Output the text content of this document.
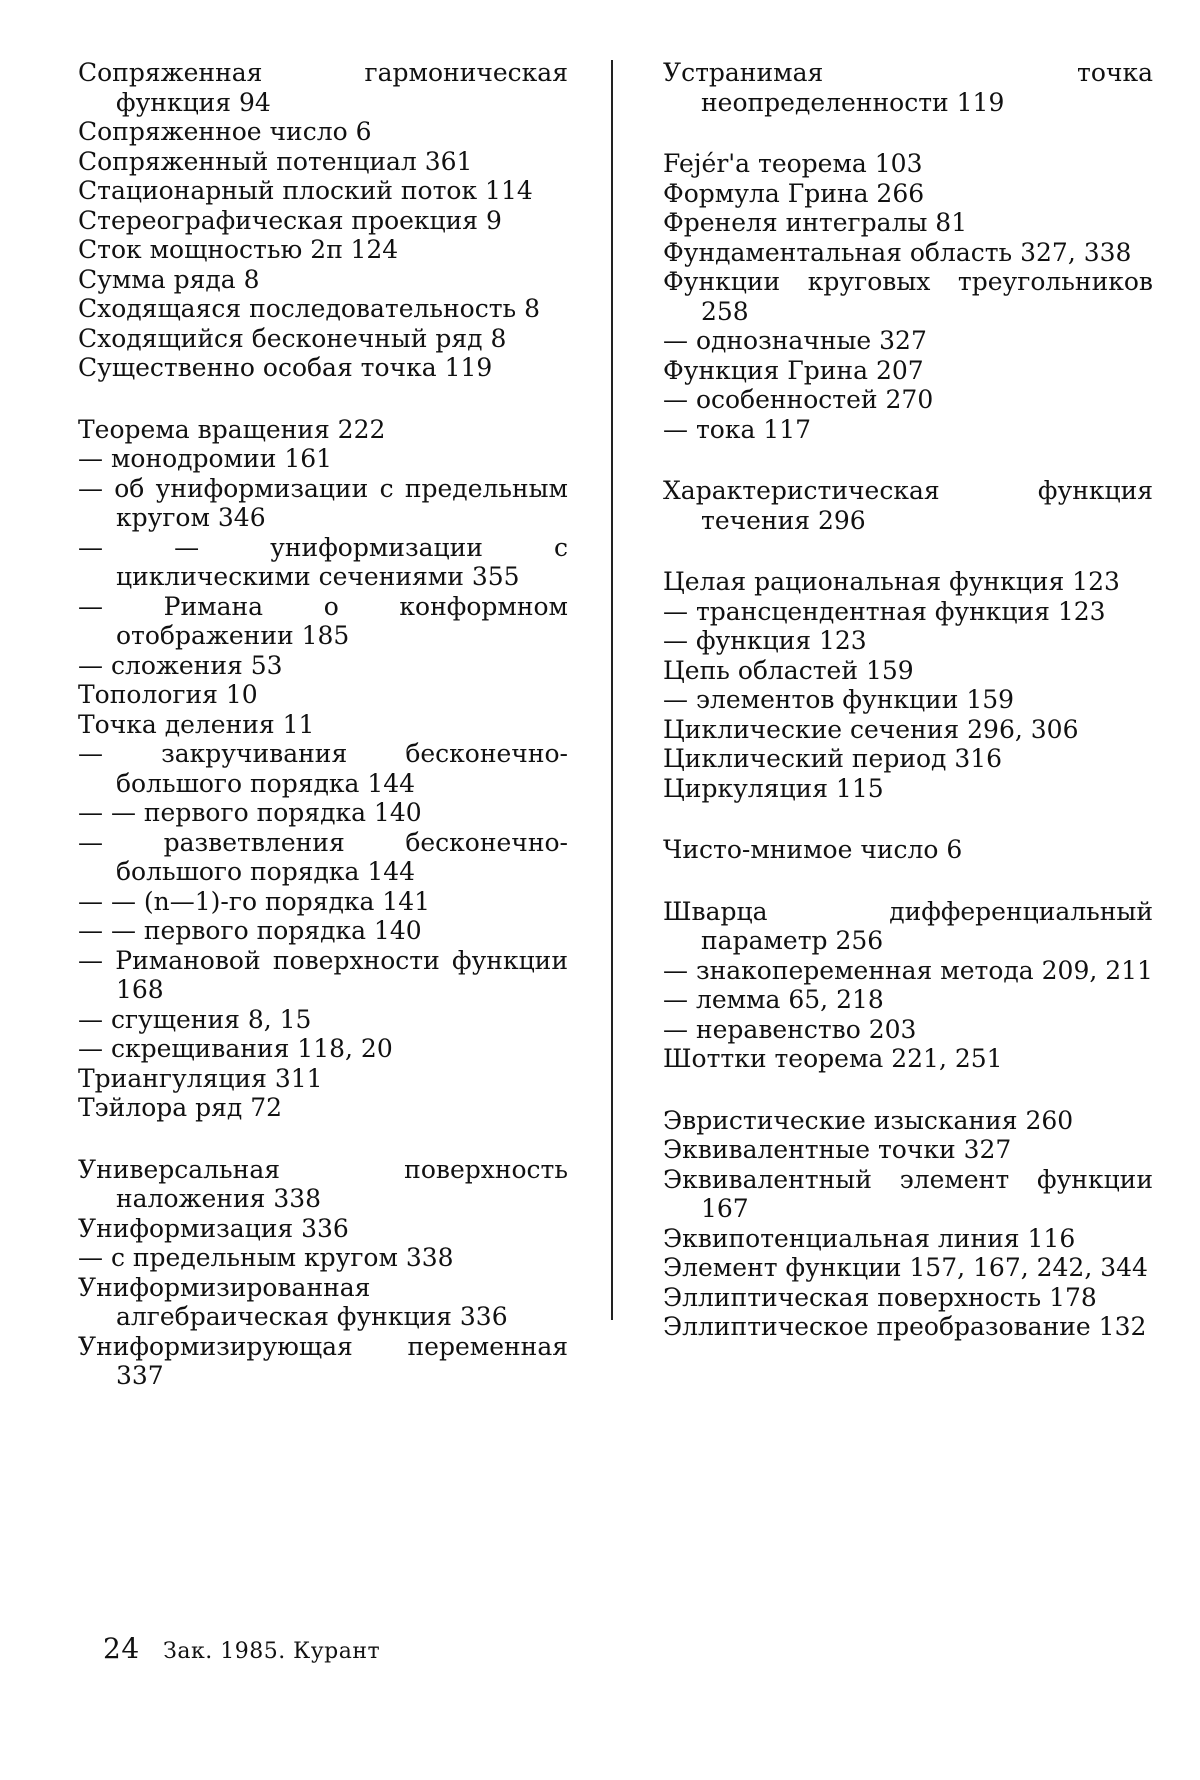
Сопряженная гармоническая функция 94
Сопряженное число 6
Сопряженный потенциал 361
Стационарный плоский поток 114
Стереографическая проекция 9
Сток мощностью 2π 124
Сумма ряда 8
Сходящаяся последовательность 8
Сходящийся бесконечный ряд 8
Существенно особая точка 119
Теорема вращения 222
— монодромии 161
— об униформизации с предельным кругом 346
— — униформизации с циклическими сечениями 355
— Римана о конформном отображении 185
— сложения 53
Топология 10
Точка деления 11
— закручивания бесконечно-большого порядка 144
— — первого порядка 140
— разветвления бесконечно-большого порядка 144
— — (n—1)-го порядка 141
— — первого порядка 140
— Римановой поверхности функции 168
— сгущения 8, 15
— скрещивания 118, 20
Триангуляция 311
Тэйлора ряд 72
Универсальная поверхность наложения 338
Униформизация 336
— с предельным кругом 338
Униформизированная алгебраическая функция 336
Униформизирующая переменная 337
Устранимая точка неопределенности 119
Fejér'a теорема 103
Формула Грина 266
Френеля интегралы 81
Фундаментальная область 327, 338
Функции круговых треугольников 258
— однозначные 327
Функция Грина 207
— особенностей 270
— тока 117
Характеристическая функция течения 296
Целая рациональная функция 123
— трансцендентная функция 123
— функция 123
Цепь областей 159
— элементов функции 159
Циклические сечения 296, 306
Циклический период 316
Циркуляция 115
Чисто-мнимое число 6
Шварца дифференциальный параметр 256
— знакопеременная метода 209, 211
— лемма 65, 218
— неравенство 203
Шоттки теорема 221, 251
Эвристические изыскания 260
Эквивалентные точки 327
Эквивалентный элемент функции 167
Эквипотенциальная линия 116
Элемент функции 157, 167, 242, 344
Эллиптическая поверхность 178
Эллиптическое преобразование 132
24 Зак. 1985. Курант
